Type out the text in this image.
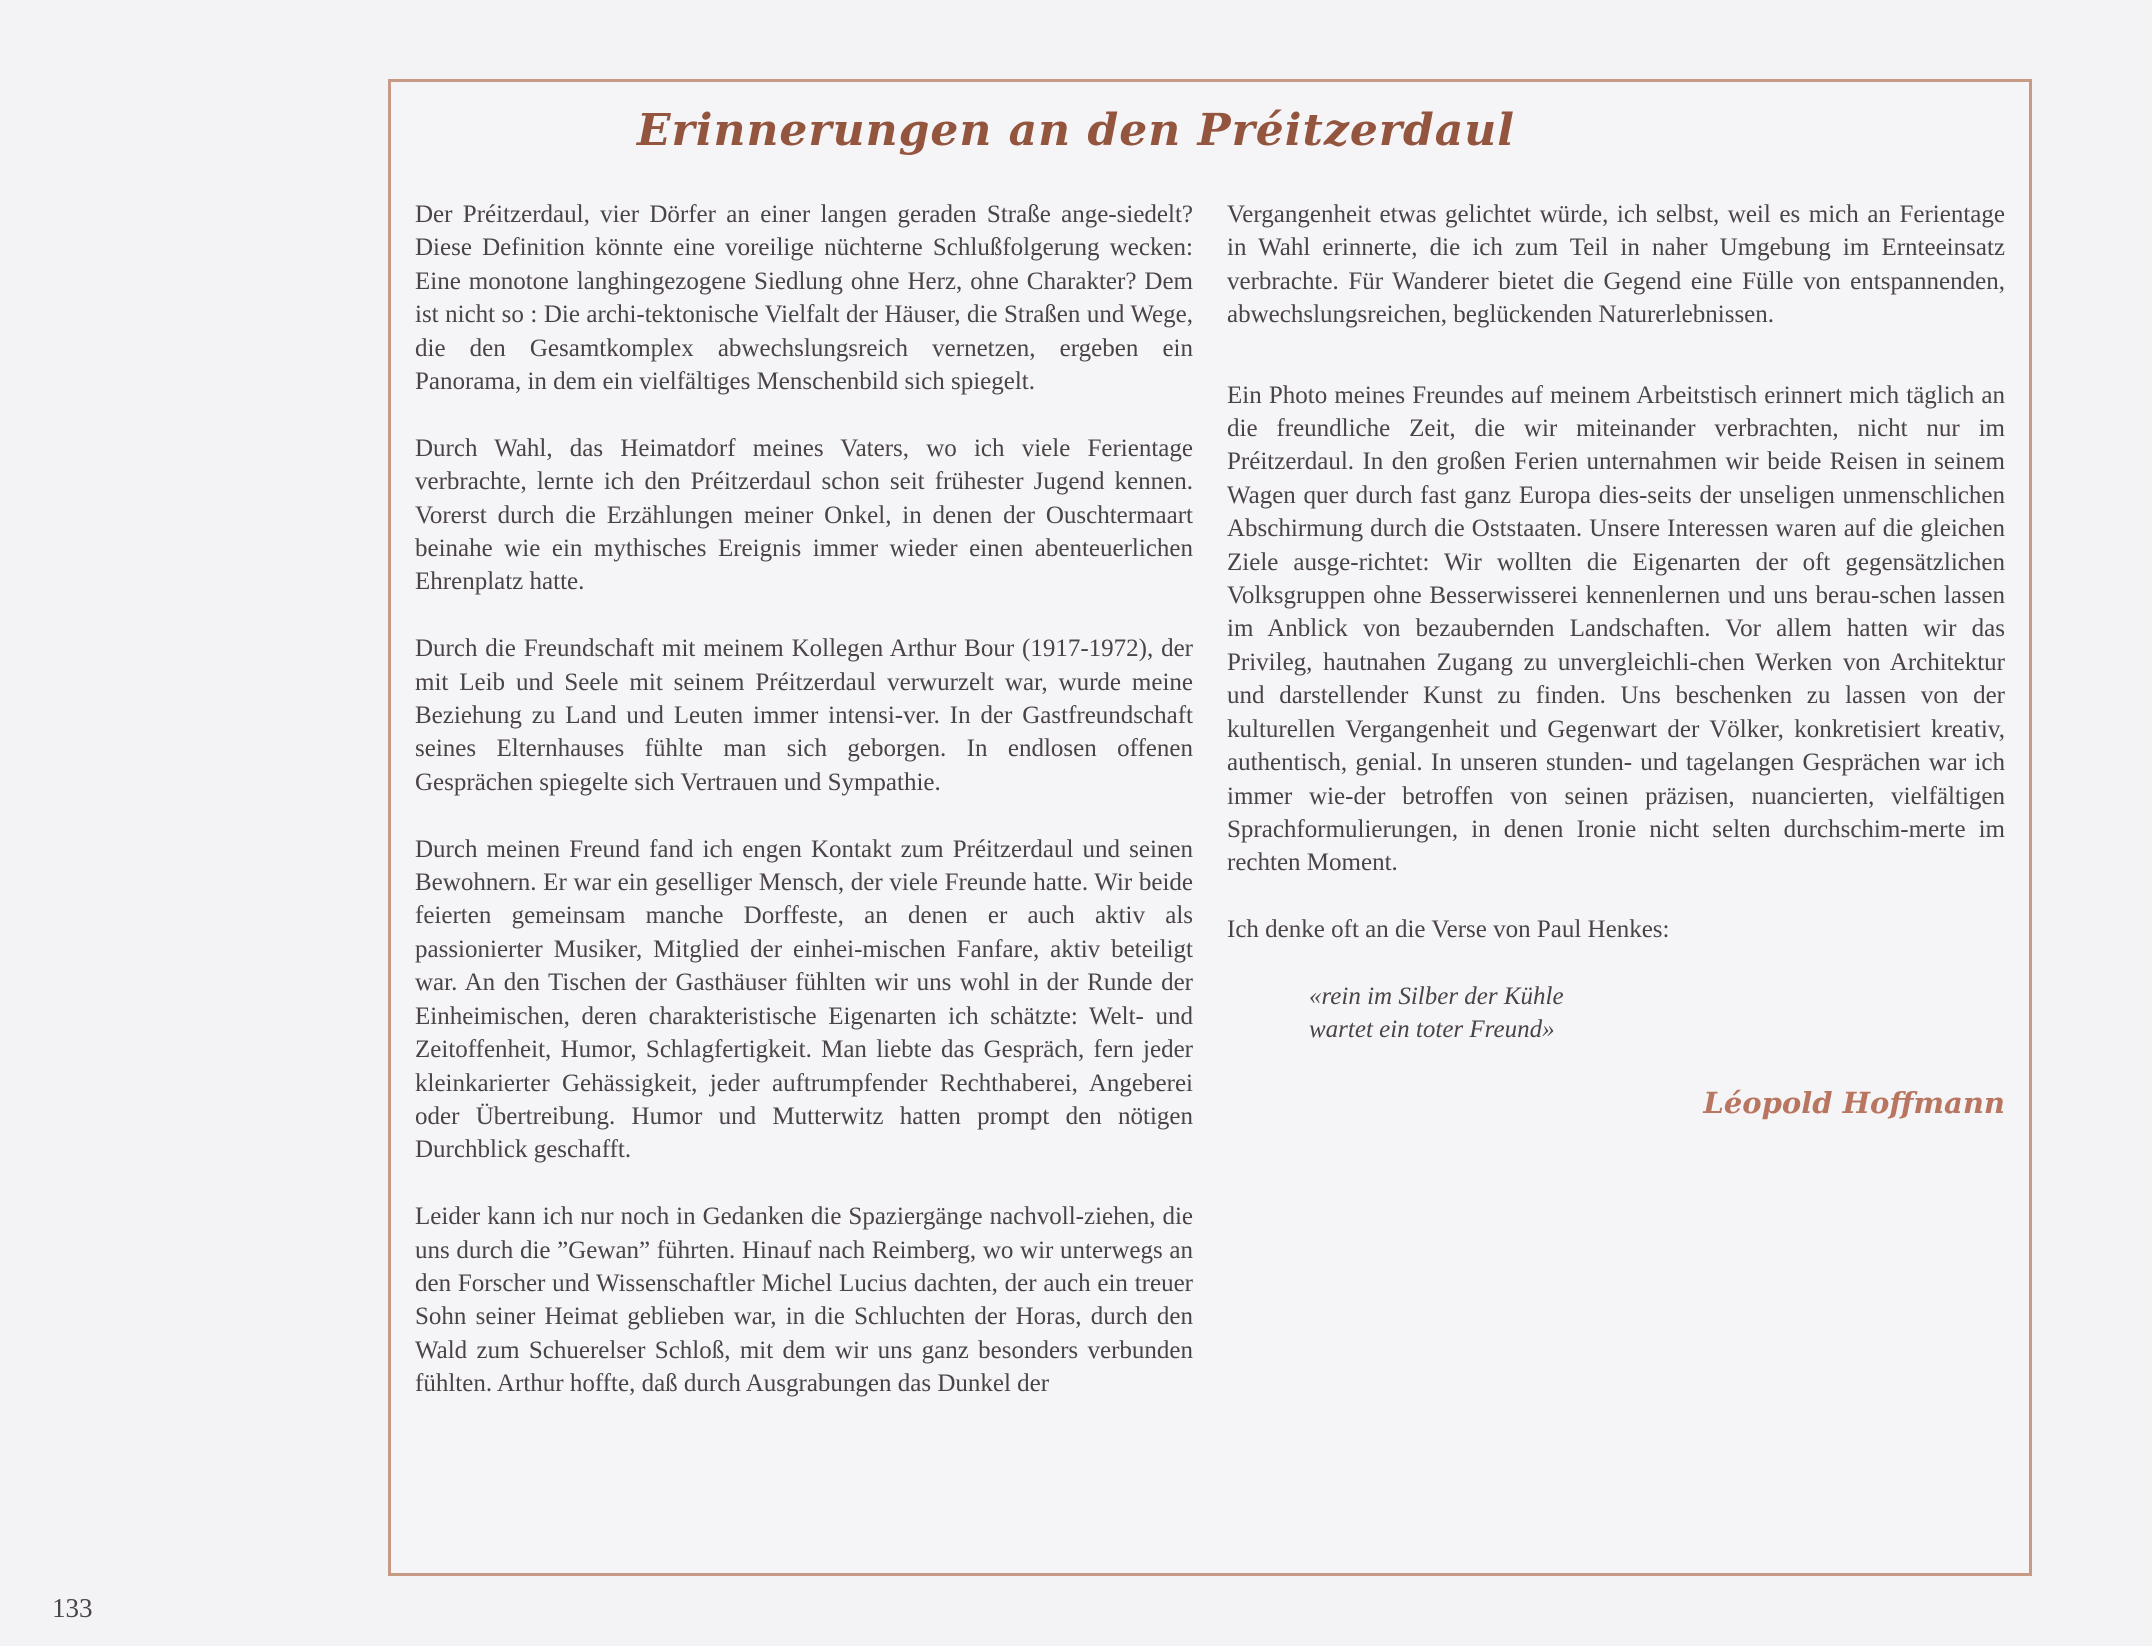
Erinnerungen an den Préitzerdaul

Der Préitzerdaul, vier Dörfer an einer langen geraden Straße ange-siedelt? Diese Definition könnte eine voreilige nüchterne Schlußfolgerung wecken: Eine monotone langhingezogene Siedlung ohne Herz, ohne Charakter? Dem ist nicht so : Die archi-tektonische Vielfalt der Häuser, die Straßen und Wege, die den Gesamtkomplex abwechslungsreich vernetzen, ergeben ein Panorama, in dem ein vielfältiges Menschenbild sich spiegelt.

Durch Wahl, das Heimatdorf meines Vaters, wo ich viele Ferientage verbrachte, lernte ich den Préitzerdaul schon seit frühester Jugend kennen. Vorerst durch die Erzählungen meiner Onkel, in denen der Ouschtermaart beinahe wie ein mythisches Ereignis immer wieder einen abenteuerlichen Ehrenplatz hatte.

Durch die Freundschaft mit meinem Kollegen Arthur Bour (1917-1972), der mit Leib und Seele mit seinem Préitzerdaul verwurzelt war, wurde meine Beziehung zu Land und Leuten immer intensi-ver. In der Gastfreundschaft seines Elternhauses fühlte man sich geborgen. In endlosen offenen Gesprächen spiegelte sich Vertrauen und Sympathie.

Durch meinen Freund fand ich engen Kontakt zum Préitzerdaul und seinen Bewohnern. Er war ein geselliger Mensch, der viele Freunde hatte. Wir beide feierten gemeinsam manche Dorffeste, an denen er auch aktiv als passionierter Musiker, Mitglied der einhei-mischen Fanfare, aktiv beteiligt war. An den Tischen der Gasthäuser fühlten wir uns wohl in der Runde der Einheimischen, deren charakteristische Eigenarten ich schätzte: Welt- und Zeitoffenheit, Humor, Schlagfertigkeit. Man liebte das Gespräch, fern jeder kleinkarierter Gehässigkeit, jeder auftrumpfender Rechthaberei, Angeberei oder Übertreibung. Humor und Mutterwitz hatten prompt den nötigen Durchblick geschafft.

Leider kann ich nur noch in Gedanken die Spaziergänge nachvoll-ziehen, die uns durch die ”Gewan” führten. Hinauf nach Reimberg, wo wir unterwegs an den Forscher und Wissenschaftler Michel Lucius dachten, der auch ein treuer Sohn seiner Heimat geblieben war, in die Schluchten der Horas, durch den Wald zum Schuerelser Schloß, mit dem wir uns ganz besonders verbunden fühlten. Arthur hoffte, daß durch Ausgrabungen das Dunkel der

Vergangenheit etwas gelichtet würde, ich selbst, weil es mich an Ferientage in Wahl erinnerte, die ich zum Teil in naher Umgebung im Ernteeinsatz verbrachte. Für Wanderer bietet die Gegend eine Fülle von entspannenden, abwechslungsreichen, beglückenden Naturerlebnissen.

Ein Photo meines Freundes auf meinem Arbeitstisch erinnert mich täglich an die freundliche Zeit, die wir miteinander verbrachten, nicht nur im Préitzerdaul. In den großen Ferien unternahmen wir beide Reisen in seinem Wagen quer durch fast ganz Europa dies-seits der unseligen unmenschlichen Abschirmung durch die Oststaaten. Unsere Interessen waren auf die gleichen Ziele ausge-richtet: Wir wollten die Eigenarten der oft gegensätzlichen Volksgruppen ohne Besserwisserei kennenlernen und uns berau-schen lassen im Anblick von bezaubernden Landschaften. Vor allem hatten wir das Privileg, hautnahen Zugang zu unvergleichli-chen Werken von Architektur und darstellender Kunst zu finden. Uns beschenken zu lassen von der kulturellen Vergangenheit und Gegenwart der Völker, konkretisiert kreativ, authentisch, genial. In unseren stunden- und tagelangen Gesprächen war ich immer wie-der betroffen von seinen präzisen, nuancierten, vielfältigen Sprachformulierungen, in denen Ironie nicht selten durchschim-merte im rechten Moment.

Ich denke oft an die Verse von Paul Henkes:

«rein im Silber der Kühle
wartet ein toter Freund»

Léopold Hoffmann
133
